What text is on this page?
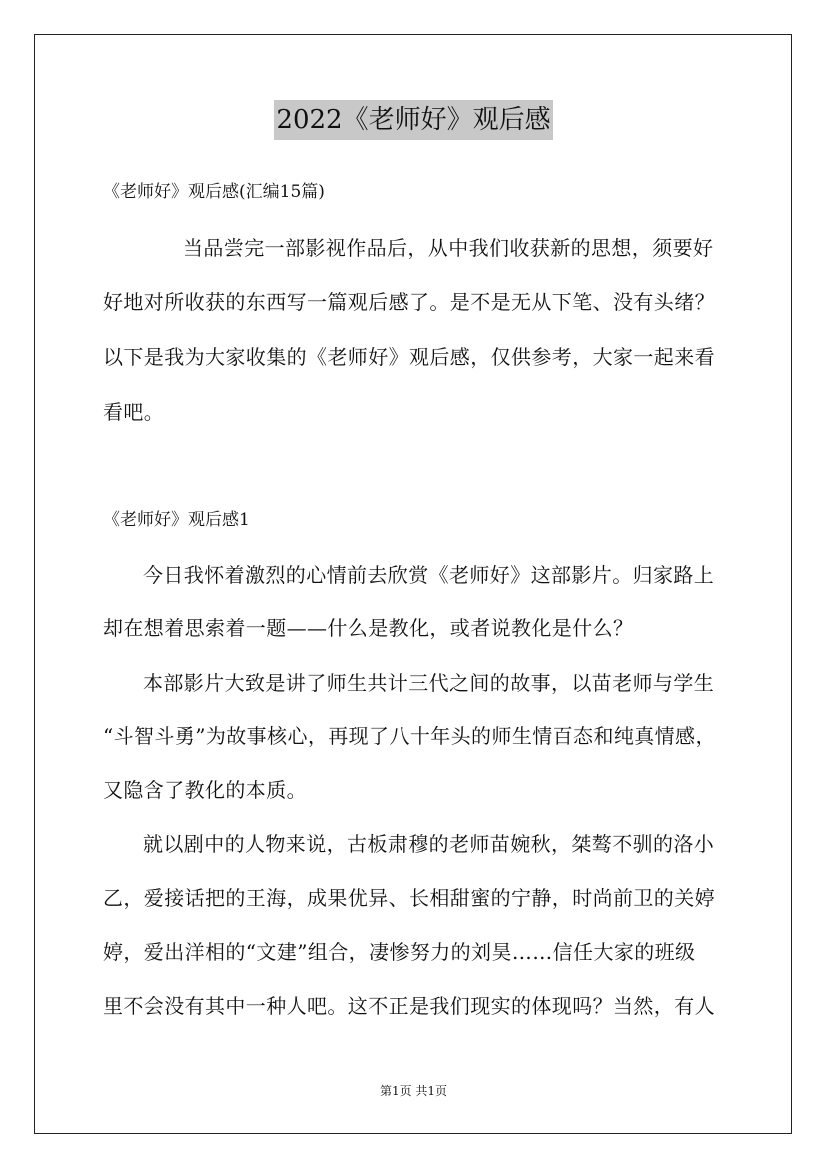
2022《老师好》观后感
《老师好》观后感(汇编15篇)
当品尝完一部影视作品后，从中我们收获新的思想，须要好
好地对所收获的东西写一篇观后感了。是不是无从下笔、没有头绪？
以下是我为大家收集的《老师好》观后感，仅供参考，大家一起来看
看吧。
《老师好》观后感1
今日我怀着激烈的心情前去欣赏《老师好》这部影片。归家路上
却在想着思索着一题——什么是教化，或者说教化是什么？
本部影片大致是讲了师生共计三代之间的故事，以苗老师与学生
“斗智斗勇”为故事核心，再现了八十年头的师生情百态和纯真情感，
又隐含了教化的本质。
就以剧中的人物来说，古板肃穆的老师苗婉秋，桀骜不驯的洛小
乙，爱接话把的王海，成果优异、长相甜蜜的宁静，时尚前卫的关婷
婷，爱出洋相的“文建”组合，凄惨努力的刘昊……信任大家的班级
里不会没有其中一种人吧。这不正是我们现实的体现吗？当然，有人
第1页 共1页
